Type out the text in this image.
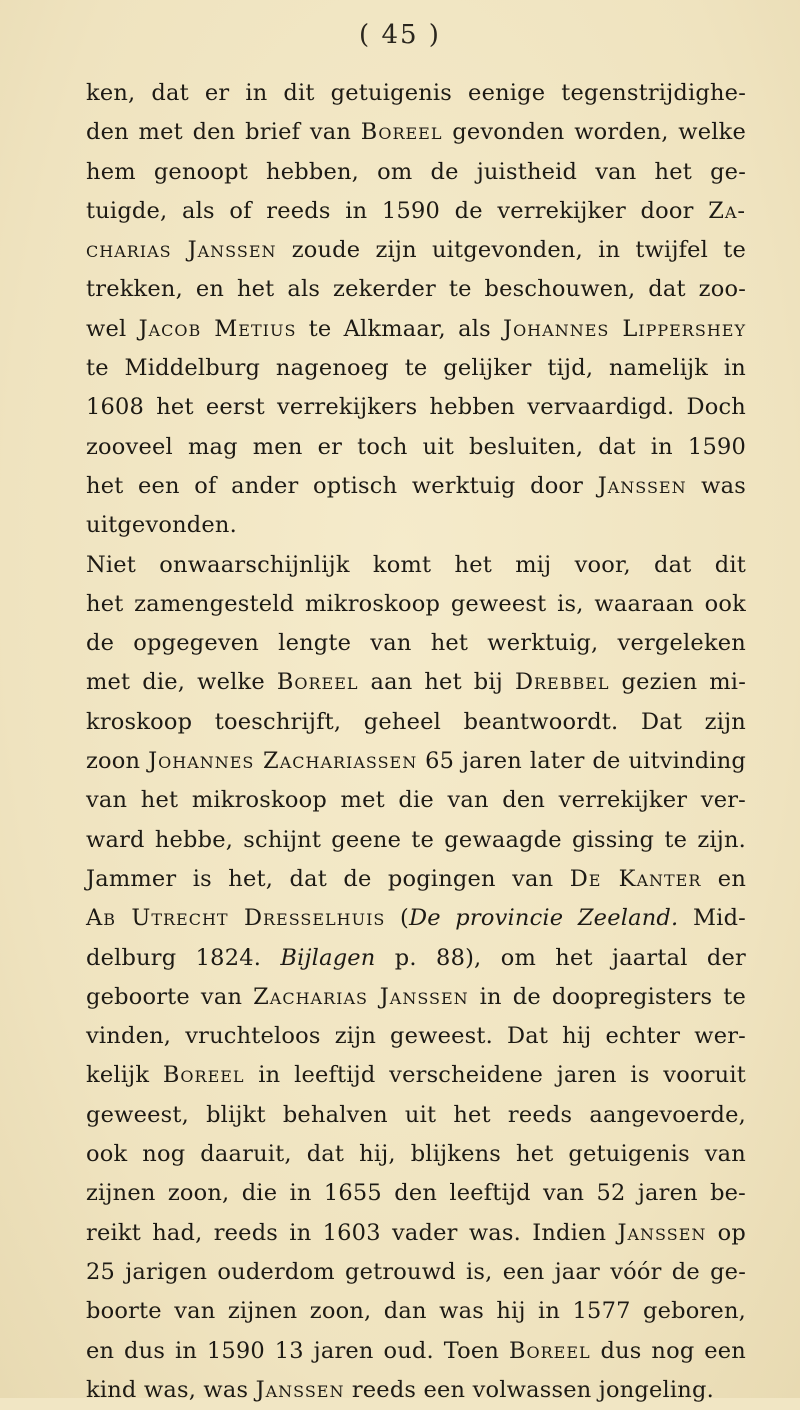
( 45 )
ken, dat er in dit getuigenis eenige tegenstrijdighe-
den met den brief van Boreel gevonden worden, welke
hem genoopt hebben, om de juistheid van het ge-
tuigde, als of reeds in 1590 de verrekijker door Za-
charias Janssen zoude zijn uitgevonden, in twijfel te
trekken, en het als zekerder te beschouwen, dat zoo-
wel Jacob Metius te Alkmaar, als Johannes Lippershey
te Middelburg nagenoeg te gelijker tijd, namelijk in
1608 het eerst verrekijkers hebben vervaardigd. Doch
zooveel mag men er toch uit besluiten, dat in 1590
het een of ander optisch werktuig door Janssen was
uitgevonden.
Niet onwaarschijnlijk komt het mij voor, dat dit
het zamengesteld mikroskoop geweest is, waaraan ook
de opgegeven lengte van het werktuig, vergeleken
met die, welke Boreel aan het bij Drebbel gezien mi-
kroskoop toeschrijft, geheel beantwoordt. Dat zijn
zoon Johannes Zachariassen 65 jaren later de uitvinding
van het mikroskoop met die van den verrekijker ver-
ward hebbe, schijnt geene te gewaagde gissing te zijn.
Jammer is het, dat de pogingen van De Kanter en
Ab Utrecht Dresselhuis (De provincie Zeeland. Mid-
delburg 1824. Bijlagen p. 88), om het jaartal der
geboorte van Zacharias Janssen in de doopregisters te
vinden, vruchteloos zijn geweest. Dat hij echter wer-
kelijk Boreel in leeftijd verscheidene jaren is vooruit
geweest, blijkt behalven uit het reeds aangevoerde,
ook nog daaruit, dat hij, blijkens het getuigenis van
zijnen zoon, die in 1655 den leeftijd van 52 jaren be-
reikt had, reeds in 1603 vader was. Indien Janssen op
25 jarigen ouderdom getrouwd is, een jaar vóór de ge-
boorte van zijnen zoon, dan was hij in 1577 geboren,
en dus in 1590 13 jaren oud. Toen Boreel dus nog een
kind was, was Janssen reeds een volwassen jongeling.
